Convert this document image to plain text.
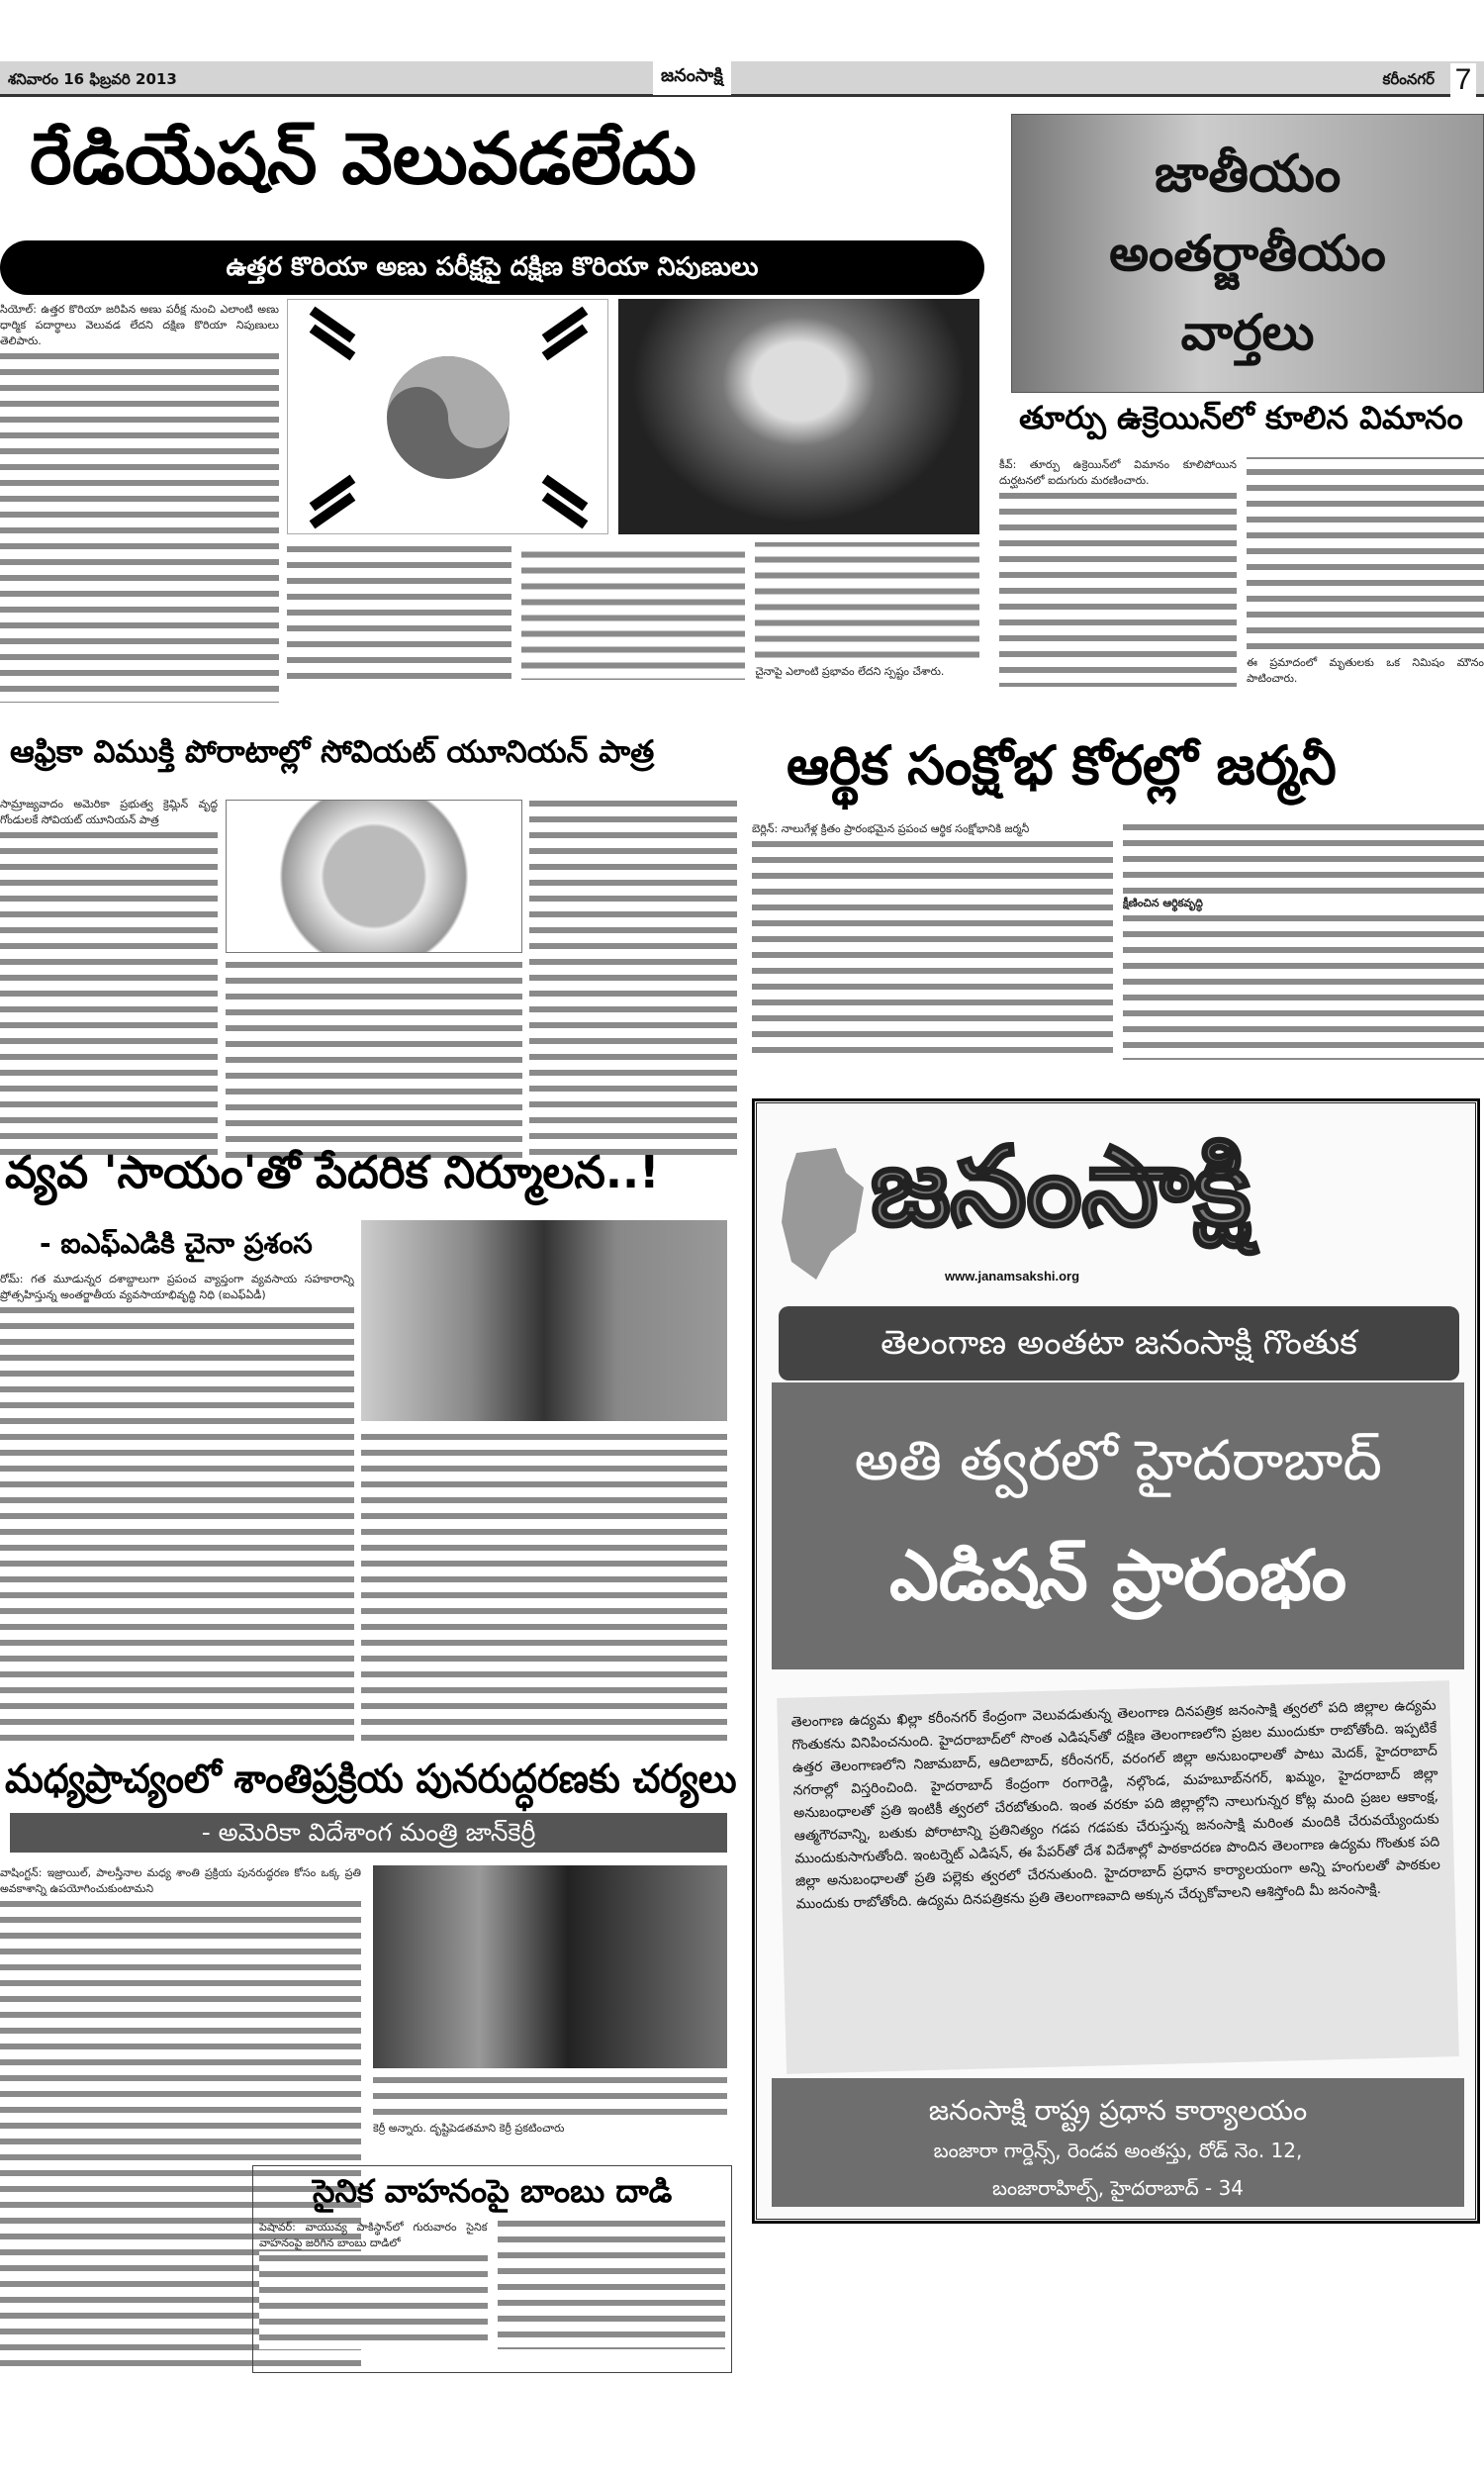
శనివారం 16 ఫిబ్రవరి 2013	జనంసాక్షి	కరీంనగర్ 7
రేడియేషన్ వెలువడలేదు
ఉత్తర కొరియా అణు పరీక్షపై దక్షిణ కొరియా నిపుణులు
సియోల్: ఉత్తర కొరియా జరిపిన అణు పరీక్ష నుంచి ఎలాంటి అణు ధార్మిక పదార్థాలు వెలువడ లేదని దక్షిణ కొరియా నిపుణులు తెలిపారు.
చైనాపై ఎలాంటి ప్రభావం లేదని స్పష్టం చేశారు.
జాతీయం
అంతర్జాతీయం
వార్తలు
తూర్పు ఉక్రెయిన్‌లో కూలిన విమానం
కీవ్: తూర్పు ఉక్రెయిన్‌లో విమానం కూలిపోయిన దుర్ఘటనలో ఐదుగురు మరణించారు.
ఈ ప్రమాదంలో మృతులకు ఒక నిమిషం మౌనం పాటించారు.
ఆఫ్రికా విముక్తి పోరాటాల్లో సోవియట్ యూనియన్ పాత్ర
సామ్రాజ్యవాదం అమెరికా ప్రభుత్వ క్రెమ్లిన్ వృద్ధ గోండులకే సోవియట్ యూనియన్ పాత్ర
ఆర్థిక సంక్షోభ కోరల్లో జర్మనీ
బెర్లిన్: నాలుగేళ్ల క్రితం ప్రారంభమైన ప్రపంచ ఆర్థిక సంక్షోభానికి జర్మనీ
క్షీణించిన ఆర్థికవృద్ధి
వ్యవ 'సాయం'తో పేదరిక నిర్మూలన..!
- ఐఎఫ్‌ఎడికి చైనా ప్రశంస
రోమ్: గత మూడున్నర దశాబ్దాలుగా ప్రపంచ వ్యాప్తంగా వ్యవసాయ సహకారాన్ని ప్రోత్సహిస్తున్న అంతర్జాతీయ వ్యవసాయాభివృద్ధి నిధి (ఐఎఫ్‌ఏడీ)
మధ్యప్రాచ్యంలో శాంతిప్రక్రియ పునరుద్ధరణకు చర్యలు
- అమెరికా విదేశాంగ మంత్రి జాన్‌కెర్రీ
వాషింగ్టన్: ఇజ్రాయిల్, పాలస్తీనాల మధ్య శాంతి ప్రక్రియ పునరుద్ధరణ కోసం ఒక్క ప్రతి అవకాశాన్ని ఉపయోగించుకుంటామని
కెర్రీ అన్నారు. దృష్టిపెడతమాని కెర్రీ ప్రకటించారు
సైనిక వాహనంపై బాంబు దాడి
పెషావర్: వాయువ్య పాకిస్థాన్‌లో గురువారం సైనిక వాహనంపై జరిగిన బాంబు దాడిలో
జనంసాక్షి
www.janamsakshi.org
తెలంగాణ అంతటా జనంసాక్షి గొంతుక
అతి త్వరలో హైదరాబాద్
ఎడిషన్ ప్రారంభం
తెలంగాణ ఉద్యమ ఖిల్లా కరీంనగర్ కేంద్రంగా వెలువడుతున్న తెలంగాణ దినపత్రిక జనంసాక్షి త్వరలో పది జిల్లాల ఉద్యమ గొంతుకను వినిపించనుంది. హైదరాబాద్‌లో సొంత ఎడిషన్‌తో దక్షిణ తెలంగాణలోని ప్రజల ముందుకూ రాబోతోంది. ఇప్పటికే ఉత్తర తెలంగాణలోని నిజామబాద్, ఆదిలాబాద్, కరీంనగర్, వరంగల్ జిల్లా అనుబంధాలతో పాటు మెదక్, హైదరాబాద్ నగరాల్లో విస్తరించింది. హైదరాబాద్ కేంద్రంగా రంగారెడ్డి, నల్గొండ, మహబూబ్‌నగర్, ఖమ్మం, హైదరాబాద్ జిల్లా అనుబంధాలతో ప్రతి ఇంటికీ త్వరలో చేరబోతుంది. ఇంత వరకూ పది జిల్లాల్లోని నాలుగున్నర కోట్ల మంది ప్రజల ఆకాంక్ష, ఆత్మగౌరవాన్ని, బతుకు పోరాటాన్ని ప్రతినిత్యం గడప గడపకు చేరుస్తున్న జనంసాక్షి మరింత మందికి చేరువయ్యేందుకు ముందుకుసాగుతోంది. ఇంటర్నెట్ ఎడిషన్, ఈ పేపర్‌తో దేశ విదేశాల్లో పాఠకాదరణ పొందిన తెలంగాణ ఉద్యమ గొంతుక పది జిల్లా అనుబంధాలతో ప్రతి పల్లెకు త్వరలో చేరనుతుంది. హైదరాబాద్ ప్రధాన కార్యాలయంగా అన్ని హంగులతో పాఠకుల ముందుకు రాబోతోంది. ఉద్యమ దినపత్రికను ప్రతి తెలంగాణవాది అక్కున చేర్చుకోవాలని ఆశిస్తోంది మీ జనంసాక్షి.
జనంసాక్షి రాష్ట్ర ప్రధాన కార్యాలయం
బంజారా గార్డెన్స్, రెండవ అంతస్తు, రోడ్ నెం. 12,
బంజారాహిల్స్, హైదరాబాద్ - 34
